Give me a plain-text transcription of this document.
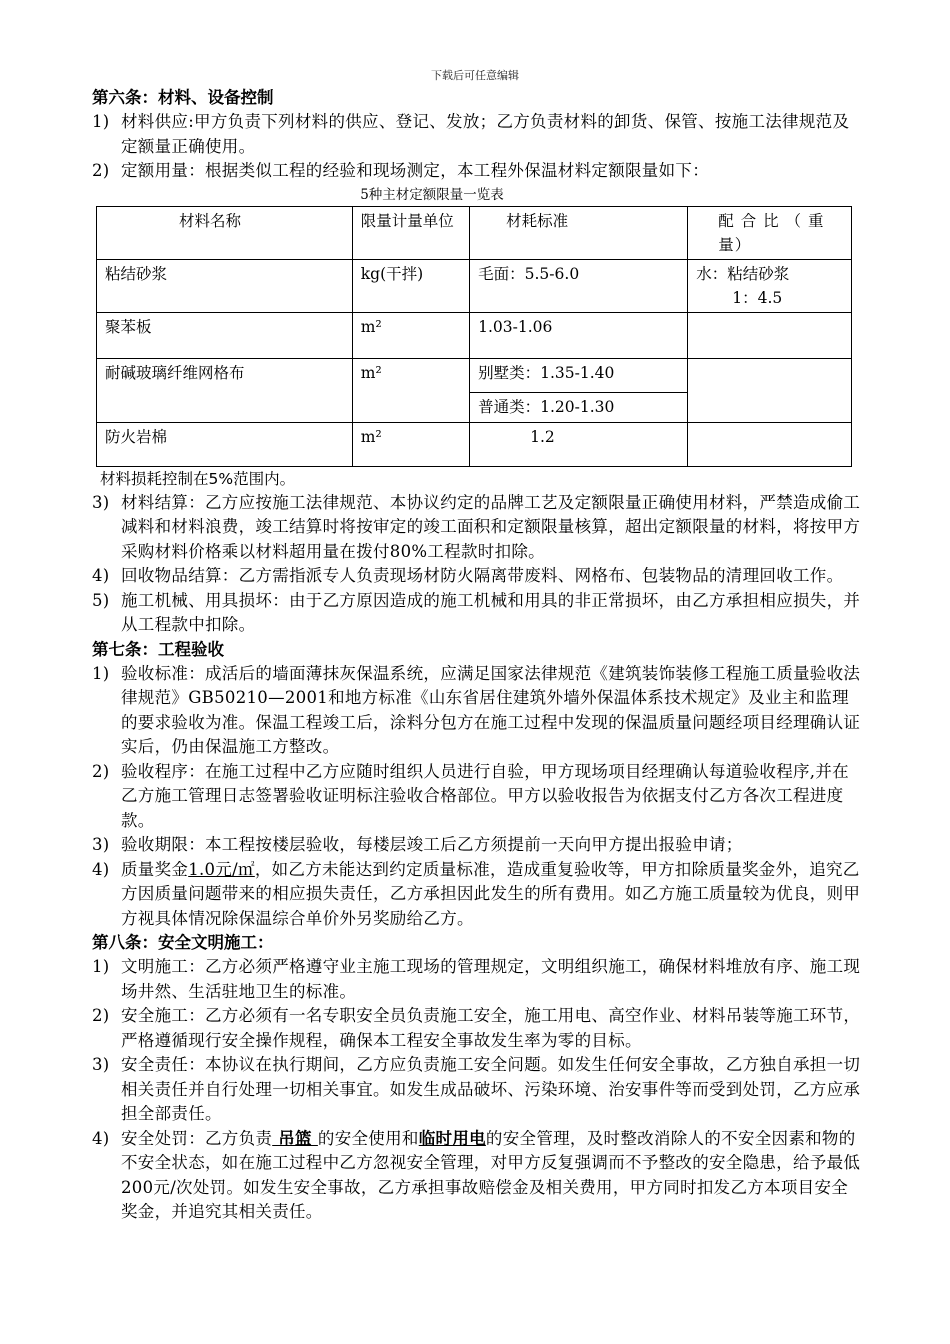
下载后可任意编辑
第六条：材料、设备控制
1) 材料供应:甲方负责下列材料的供应、登记、发放；乙方负责材料的卸货、保管、按施工法律规范及定额量正确使用。
2) 定额用量：根据类似工程的经验和现场测定，本工程外保温材料定额限量如下：
5种主材定额限量一览表
材料名称	限量计量单位	材耗标准	配 合 比 （ 重量）
粘结砂浆	kg(干拌)	毛面：5.5-6.0	水：粘结砂浆
1：4.5

聚苯板	m²	1.03-1.06	
耐碱玻璃纤维网格布	m²	别墅类：1.35-1.40	
		普通类：1.20-1.30	
防火岩棉	m²	1.2	
材料损耗控制在5%范围内。
3) 材料结算：乙方应按施工法律规范、本协议约定的品牌工艺及定额限量正确使用材料，严禁造成偷工减料和材料浪费，竣工结算时将按审定的竣工面积和定额限量核算，超出定额限量的材料，将按甲方采购材料价格乘以材料超用量在拨付80%工程款时扣除。
4) 回收物品结算：乙方需指派专人负责现场材防火隔离带废料、网格布、包装物品的清理回收工作。
5) 施工机械、用具损坏：由于乙方原因造成的施工机械和用具的非正常损坏，由乙方承担相应损失，并从工程款中扣除。
第七条：工程验收
1) 验收标准：成活后的墙面薄抹灰保温系统，应满足国家法律规范《建筑装饰装修工程施工质量验收法律规范》GB50210—2001和地方标准《山东省居住建筑外墙外保温体系技术规定》及业主和监理的要求验收为准。保温工程竣工后，涂料分包方在施工过程中发现的保温质量问题经项目经理确认证实后，仍由保温施工方整改。
2) 验收程序：在施工过程中乙方应随时组织人员进行自验，甲方现场项目经理确认每道验收程序,并在乙方施工管理日志签署验收证明标注验收合格部位。甲方以验收报告为依据支付乙方各次工程进度款。
3) 验收期限：本工程按楼层验收，每楼层竣工后乙方须提前一天向甲方提出报验申请；
4) 质量奖金1.0元/㎡，如乙方未能达到约定质量标准，造成重复验收等，甲方扣除质量奖金外，追究乙方因质量问题带来的相应损失责任，乙方承担因此发生的所有费用。如乙方施工质量较为优良，则甲方视具体情况除保温综合单价外另奖励给乙方。
第八条：安全文明施工：
1) 文明施工：乙方必须严格遵守业主施工现场的管理规定，文明组织施工，确保材料堆放有序、施工现场井然、生活驻地卫生的标准。
2) 安全施工：乙方必须有一名专职安全员负责施工安全，施工用电、高空作业、材料吊装等施工环节，严格遵循现行安全操作规程，确保本工程安全事故发生率为零的目标。
3) 安全责任：本协议在执行期间，乙方应负责施工安全问题。如发生任何安全事故，乙方独自承担一切相关责任并自行处理一切相关事宜。如发生成品破坏、污染环境、治安事件等而受到处罚，乙方应承担全部责任。
4) 安全处罚：乙方负责 吊篮 的安全使用和临时用电的安全管理，及时整改消除人的不安全因素和物的不安全状态，如在施工过程中乙方忽视安全管理，对甲方反复强调而不予整改的安全隐患，给予最低200元/次处罚。如发生安全事故，乙方承担事故赔偿金及相关费用，甲方同时扣发乙方本项目安全奖金，并追究其相关责任。
